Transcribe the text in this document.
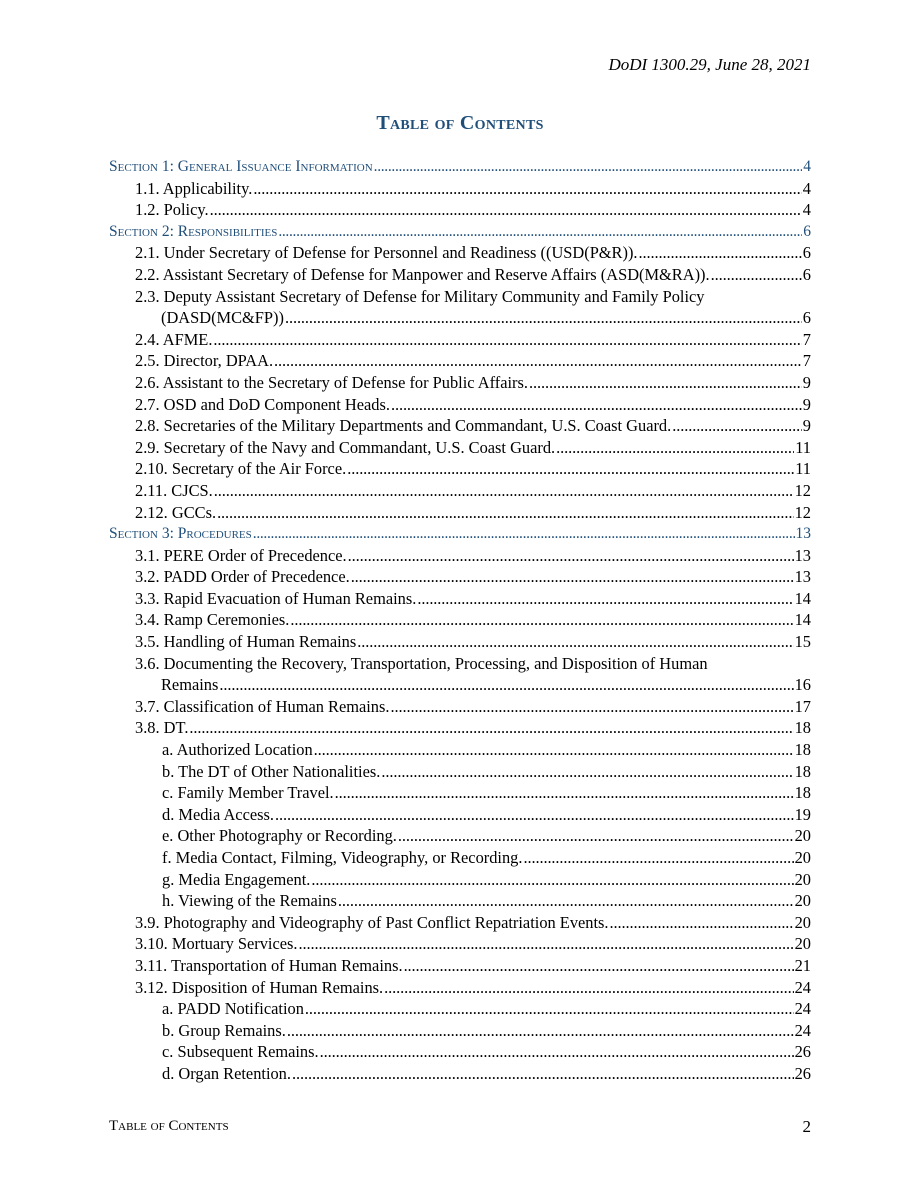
DoDI 1300.29, June 28, 2021
Table of Contents
Section 1: General Issuance Information . . .	4
1.1. Applicability. . . .	4
1.2. Policy. . . .	4
Section 2: Responsibilities . . .	6
2.1. Under Secretary of Defense for Personnel and Readiness ((USD(P&R)). . . .	6
2.2. Assistant Secretary of Defense for Manpower and Reserve Affairs (ASD(M&RA)). . . .	6
2.3. Deputy Assistant Secretary of Defense for Military Community and Family Policy
(DASD(MC&FP)) . . .	6
2.4. AFME. . . .	7
2.5. Director, DPAA. . . .	7
2.6. Assistant to the Secretary of Defense for Public Affairs. . . .	9
2.7. OSD and DoD Component Heads. . . .	9
2.8. Secretaries of the Military Departments and Commandant, U.S. Coast Guard. . . .	9
2.9. Secretary of the Navy and Commandant, U.S. Coast Guard. . . .	11
2.10. Secretary of the Air Force. . . .	11
2.11. CJCS. . . .	12
2.12. GCCs. . . .	12
Section 3: Procedures . . .	13
3.1. PERE Order of Precedence. . . .	13
3.2. PADD Order of Precedence. . . .	13
3.3. Rapid Evacuation of Human Remains. . . .	14
3.4. Ramp Ceremonies. . . .	14
3.5. Handling of Human Remains . . .	15
3.6. Documenting the Recovery, Transportation, Processing, and Disposition of Human
Remains . . .	16
3.7. Classification of Human Remains. . . .	17
3.8. DT. . . .	18
a. Authorized Location . . .	18
b. The DT of Other Nationalities. . . .	18
c. Family Member Travel. . . .	18
d. Media Access. . . .	19
e. Other Photography or Recording. . . .	20
f. Media Contact, Filming, Videography, or Recording. . . .	20
g. Media Engagement. . . .	20
h. Viewing of the Remains . . .	20
3.9. Photography and Videography of Past Conflict Repatriation Events. . . .	20
3.10. Mortuary Services. . . .	20
3.11. Transportation of Human Remains. . . .	21
3.12. Disposition of Human Remains. . . .	24
a. PADD Notification . . .	24
b. Group Remains. . . .	24
c. Subsequent Remains. . . .	26
d. Organ Retention. . . .	26
Table of Contents	2
